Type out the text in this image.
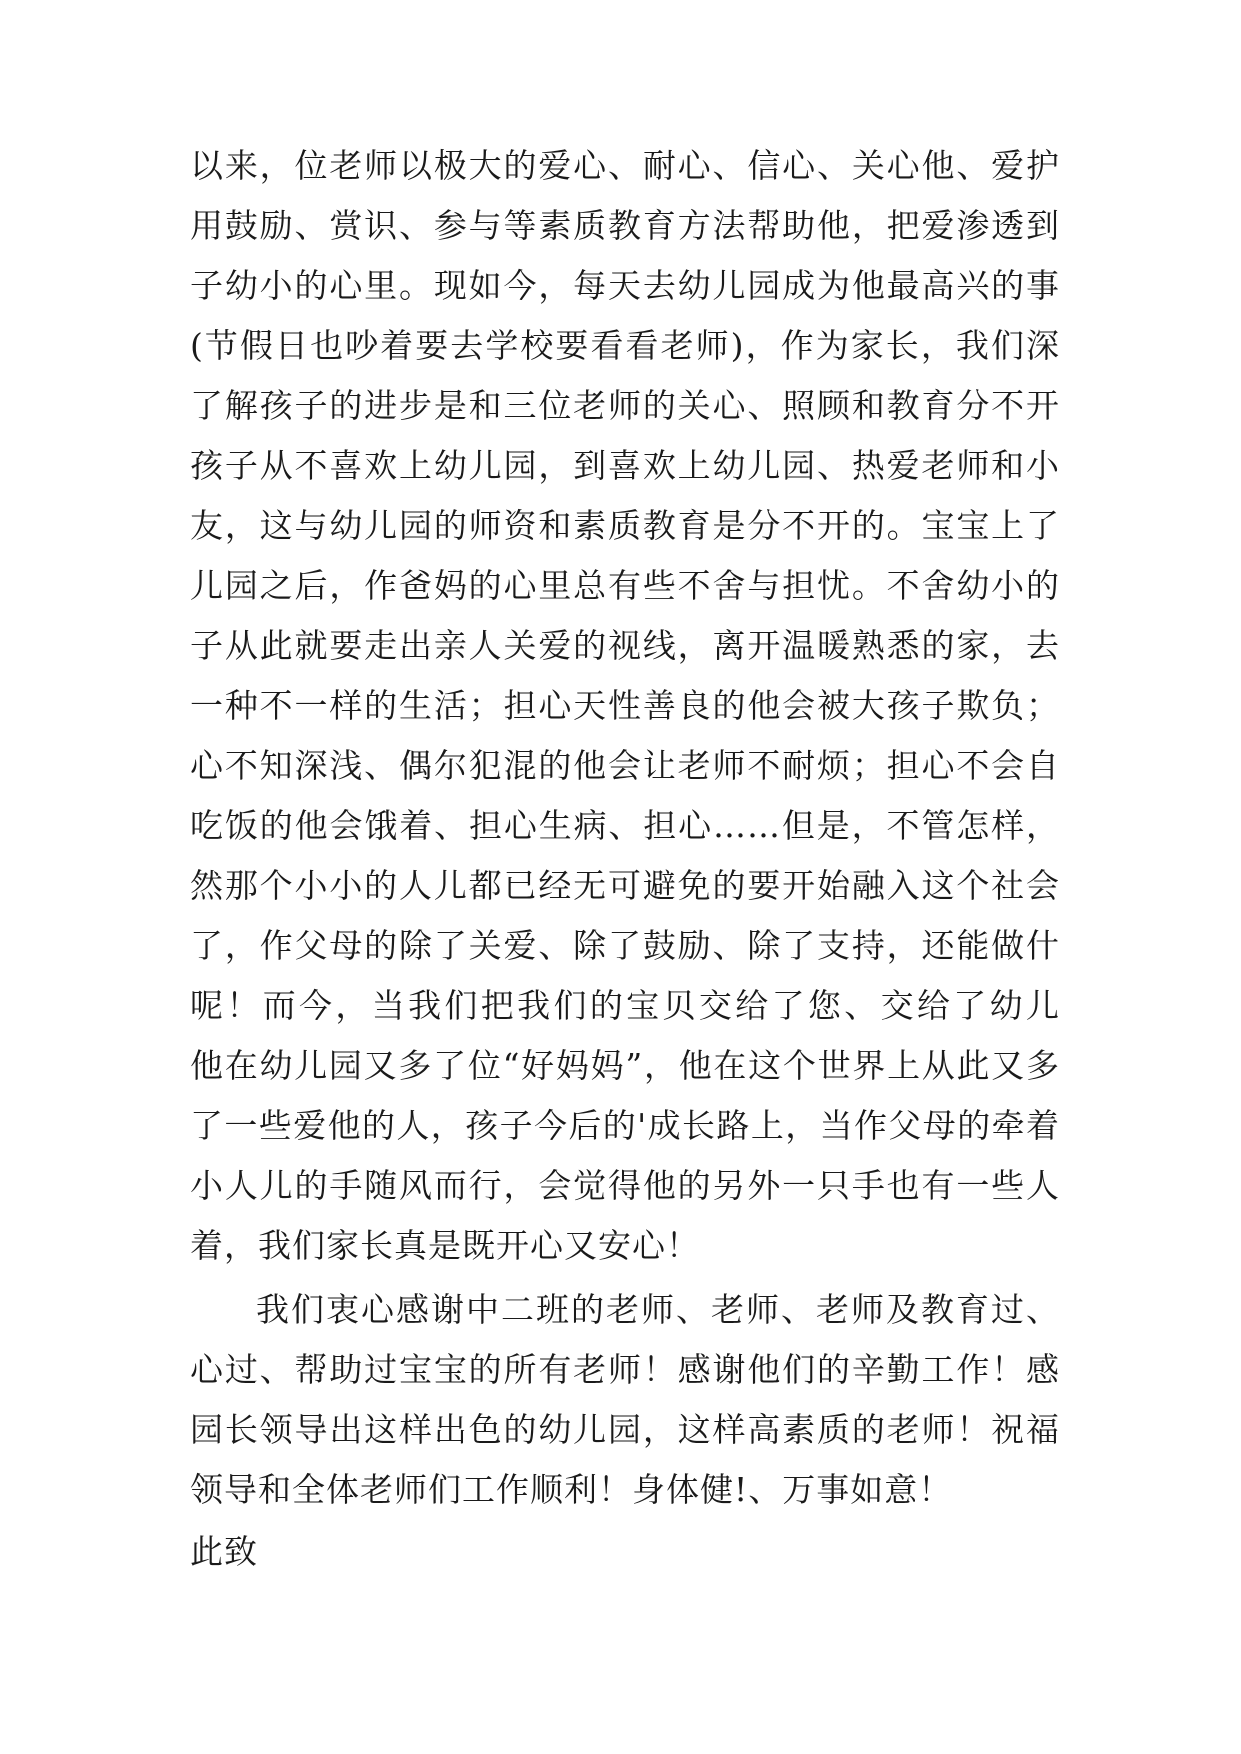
以来，位老师以极大的爱心、耐心、信心、关心他、爱护
用鼓励、赏识、参与等素质教育方法帮助他，把爱渗透到
子幼小的心里。现如今，每天去幼儿园成为他最高兴的事
(节假日也吵着要去学校要看看老师)，作为家长，我们深
了解孩子的进步是和三位老师的关心、照顾和教育分不开
孩子从不喜欢上幼儿园，到喜欢上幼儿园、热爱老师和小
友，这与幼儿园的师资和素质教育是分不开的。宝宝上了
儿园之后，作爸妈的心里总有些不舍与担忧。不舍幼小的
子从此就要走出亲人关爱的视线，离开温暖熟悉的家，去
一种不一样的生活；担心天性善良的他会被大孩子欺负；
心不知深浅、偶尔犯混的他会让老师不耐烦；担心不会自
吃饭的他会饿着、担心生病、担心……但是，不管怎样，
然那个小小的人儿都已经无可避免的要开始融入这个社会
了，作父母的除了关爱、除了鼓励、除了支持，还能做什
呢！而今，当我们把我们的宝贝交给了您、交给了幼儿
他在幼儿园又多了位“好妈妈”，他在这个世界上从此又多
了一些爱他的人，孩子今后的'成长路上，当作父母的牵着
小人儿的手随风而行，会觉得他的另外一只手也有一些人
着，我们家长真是既开心又安心！
我们衷心感谢中二班的老师、老师、老师及教育过、
心过、帮助过宝宝的所有老师！感谢他们的辛勤工作！感
园长领导出这样出色的幼儿园，这样高素质的老师！祝福
领导和全体老师们工作顺利！身体健!、万事如意！
此致
